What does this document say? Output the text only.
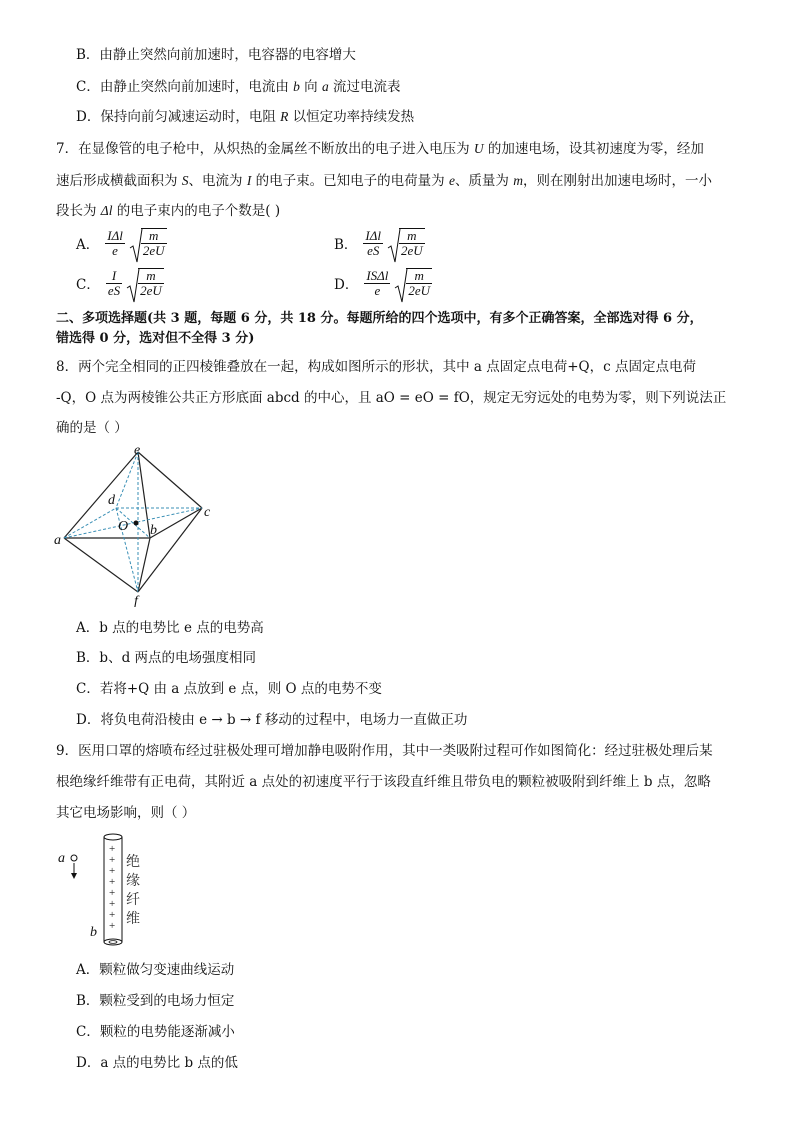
B．由静止突然向前加速时，电容器的电容增大
C．由静止突然向前加速时，电流由 b 向 a 流过电流表
D．保持向前匀减速运动时，电阻 R 以恒定功率持续发热
7．在显像管的电子枪中，从炽热的金属丝不断放出的电子进入电压为 U 的加速电场，设其初速度为零，经加
速后形成横截面积为 S、电流为 I 的电子束。已知电子的电荷量为 e、质量为 m，则在刚射出加速电场时，一小
段长为 Δl 的电子束内的电子个数是( )
A． $\frac{\text{IΔl}}{e} \frac{m}{2eU}$	B． $\frac{\text{IΔl}}{eS} \frac{m}{2eU}$
C． $\frac{I}{eS} \frac{m}{2eU}$	D． $\frac{\text{ISΔl}}{e} \frac{m}{2eU}$
二、多项选择题(共 3 题，每题 6 分，共 18 分。每题所给的四个选项中，有多个正确答案，全部选对得 6 分，
错选得 0 分，选对但不全得 3 分)
8．两个完全相同的正四棱锥叠放在一起，构成如图所示的形状，其中 a 点固定点电荷+Q，c 点固定点电荷
-Q，O 点为两棱锥公共正方形底面 abcd 的中心，且 aO = eO = fO，规定无穷远处的电势为零，则下列说法正
确的是（ ）
e
d
O b
c
a
f
A．b 点的电势比 e 点的电势高
B．b、d 两点的电场强度相同
C．若将+Q 由 a 点放到 e 点，则 O 点的电势不变
D．将负电荷沿棱由 e → b → f 移动的过程中，电场力一直做正功
9．医用口罩的熔喷布经过驻极处理可增加静电吸附作用，其中一类吸附过程可作如图简化：经过驻极处理后某
根绝缘纤维带有正电荷，其附近 a 点处的初速度平行于该段直纤维且带负电的颗粒被吸附到纤维上 b 点，忽略
其它电场影响，则（ ）
a
+
+
+
+
+
+
+
+
b
绝
缘
纤
维
A．颗粒做匀变速曲线运动
B．颗粒受到的电场力恒定
C．颗粒的电势能逐渐减小
D．a 点的电势比 b 点的低
